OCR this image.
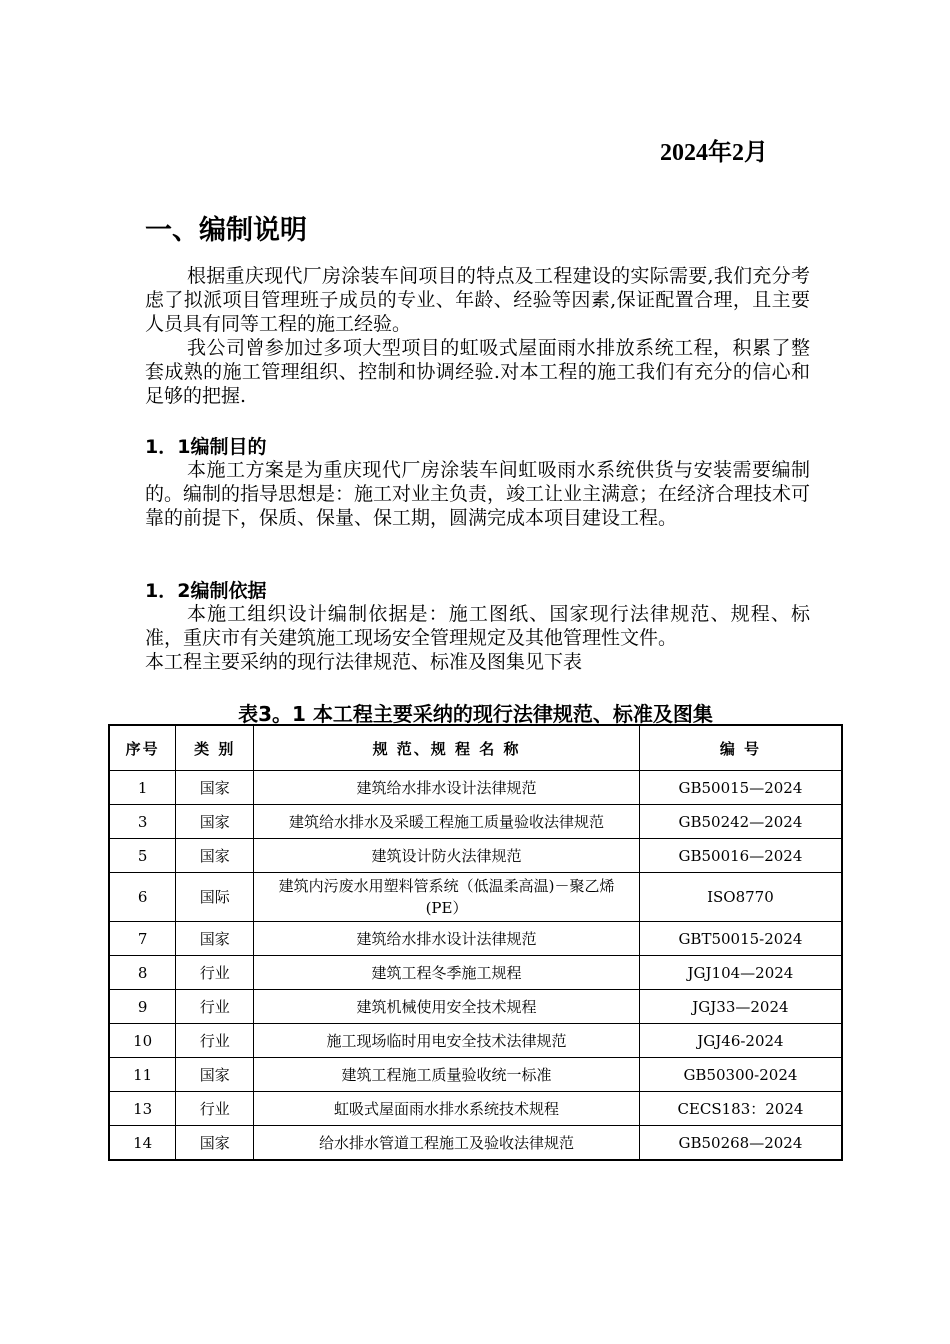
2024年2月
一、编制说明

根据重庆现代厂房涂装车间项目的特点及工程建设的实际需要,我们充分考虑了拟派项目管理班子成员的专业、年龄、经验等因素,保证配置合理，且主要人员具有同等工程的施工经验。

我公司曾参加过多项大型项目的虹吸式屋面雨水排放系统工程，积累了整套成熟的施工管理组织、控制和协调经验.对本工程的施工我们有充分的信心和足够的把握.

1．1编制目的

本施工方案是为重庆现代厂房涂装车间虹吸雨水系统供货与安装需要编制的。编制的指导思想是：施工对业主负责，竣工让业主满意；在经济合理技术可靠的前提下，保质、保量、保工期，圆满完成本项目建设工程。

1．2编制依据

本施工组织设计编制依据是：施工图纸、国家现行法律规范、规程、标准，重庆市有关建筑施工现场安全管理规定及其他管理性文件。

本工程主要采纳的现行法律规范、标准及图集见下表

表3。1 本工程主要采纳的现行法律规范、标准及图集
序号	类 别	规 范、规 程 名 称	编 号
1	国家	建筑给水排水设计法律规范	GB50015—2024
3	国家	建筑给水排水及采暖工程施工质量验收法律规范	GB50242—2024
5	国家	建筑设计防火法律规范	GB50016—2024
6	国际	建筑内污废水用塑料管系统（低温柔高温)－聚乙烯(PE）	ISO8770
7	国家	建筑给水排水设计法律规范	GBT50015-2024
8	行业	建筑工程冬季施工规程	JGJ104—2024
9	行业	建筑机械使用安全技术规程	JGJ33—2024
10	行业	施工现场临时用电安全技术法律规范	JGJ46-2024
11	国家	建筑工程施工质量验收统一标准	GB50300-2024
13	行业	虹吸式屋面雨水排水系统技术规程	CECS183：2024
14	国家	给水排水管道工程施工及验收法律规范	GB50268—2024
